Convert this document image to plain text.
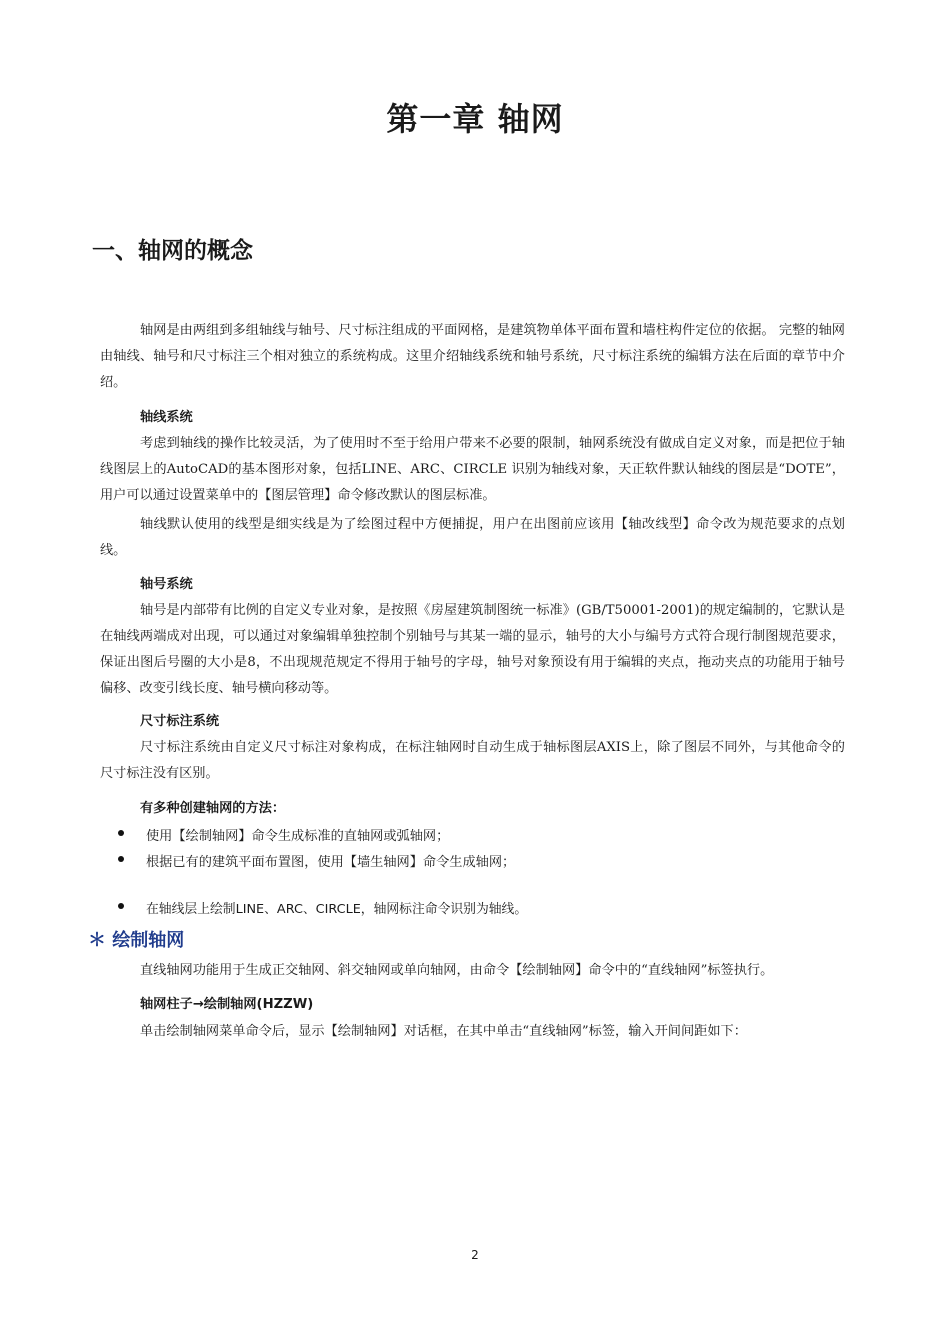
第一章 轴网
一、轴网的概念
轴网是由两组到多组轴线与轴号、尺寸标注组成的平面网格，是建筑物单体平面布置和墙柱构件定位的依据。 完整的轴网由轴线、轴号和尺寸标注三个相对独立的系统构成。这里介绍轴线系统和轴号系统，尺寸标注系统的编辑方法在后面的章节中介绍。
轴线系统
考虑到轴线的操作比较灵活，为了使用时不至于给用户带来不必要的限制，轴网系统没有做成自定义对象，而是把位于轴线图层上的AutoCAD的基本图形对象，包括LINE、ARC、CIRCLE 识别为轴线对象，天正软件默认轴线的图层是“DOTE”，用户可以通过设置菜单中的【图层管理】命令修改默认的图层标准。
轴线默认使用的线型是细实线是为了绘图过程中方便捕捉，用户在出图前应该用【轴改线型】命令改为规范要求的点划线。
轴号系统
轴号是内部带有比例的自定义专业对象，是按照《房屋建筑制图统一标准》(GB/T50001-2001)的规定编制的，它默认是在轴线两端成对出现，可以通过对象编辑单独控制个别轴号与其某一端的显示，轴号的大小与编号方式符合现行制图规范要求，保证出图后号圈的大小是8，不出现规范规定不得用于轴号的字母，轴号对象预设有用于编辑的夹点，拖动夹点的功能用于轴号偏移、改变引线长度、轴号横向移动等。
尺寸标注系统
尺寸标注系统由自定义尺寸标注对象构成，在标注轴网时自动生成于轴标图层AXIS上，除了图层不同外，与其他命令的尺寸标注没有区别。
有多种创建轴网的方法：
使用【绘制轴网】命令生成标准的直轴网或弧轴网；
根据已有的建筑平面布置图，使用【墙生轴网】命令生成轴网；
在轴线层上绘制LINE、ARC、CIRCLE，轴网标注命令识别为轴线。
＊ 绘制轴网
直线轴网功能用于生成正交轴网、斜交轴网或单向轴网，由命令【绘制轴网】命令中的“直线轴网”标签执行。
轴网柱子→绘制轴网(HZZW)
单击绘制轴网菜单命令后，显示【绘制轴网】对话框，在其中单击“直线轴网”标签，输入开间间距如下：
2
